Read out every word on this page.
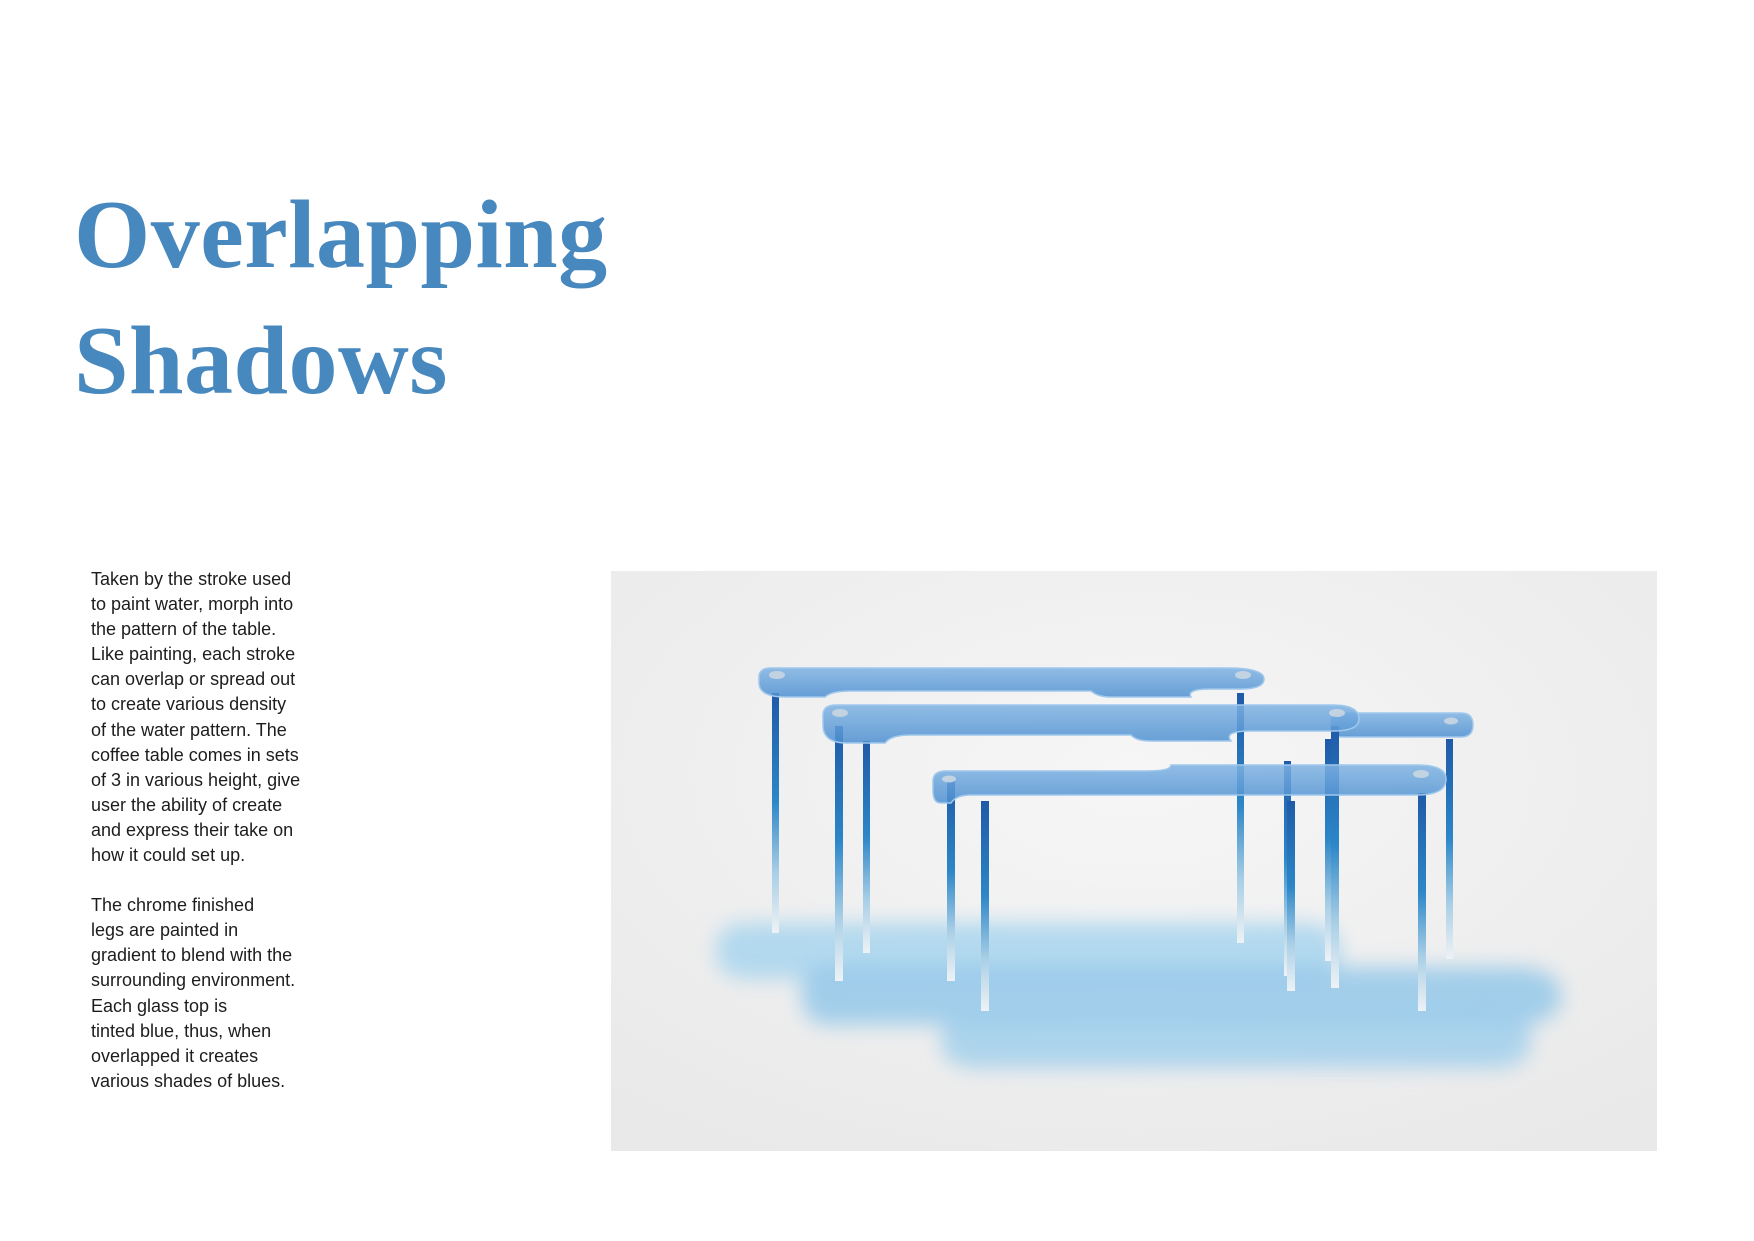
Overlapping
Shadows

Taken by the stroke used
to paint water, morph into
the pattern of the table.
Like painting, each stroke
can overlap or spread out
to create various density
of the water pattern. The
coffee table comes in sets
of 3 in various height, give
user the ability of create
and express their take on
how it could set up.

The chrome finished
legs are painted in
gradient to blend with the
surrounding environment.
Each glass top is
tinted blue, thus, when
overlapped it creates
various shades of blues.
